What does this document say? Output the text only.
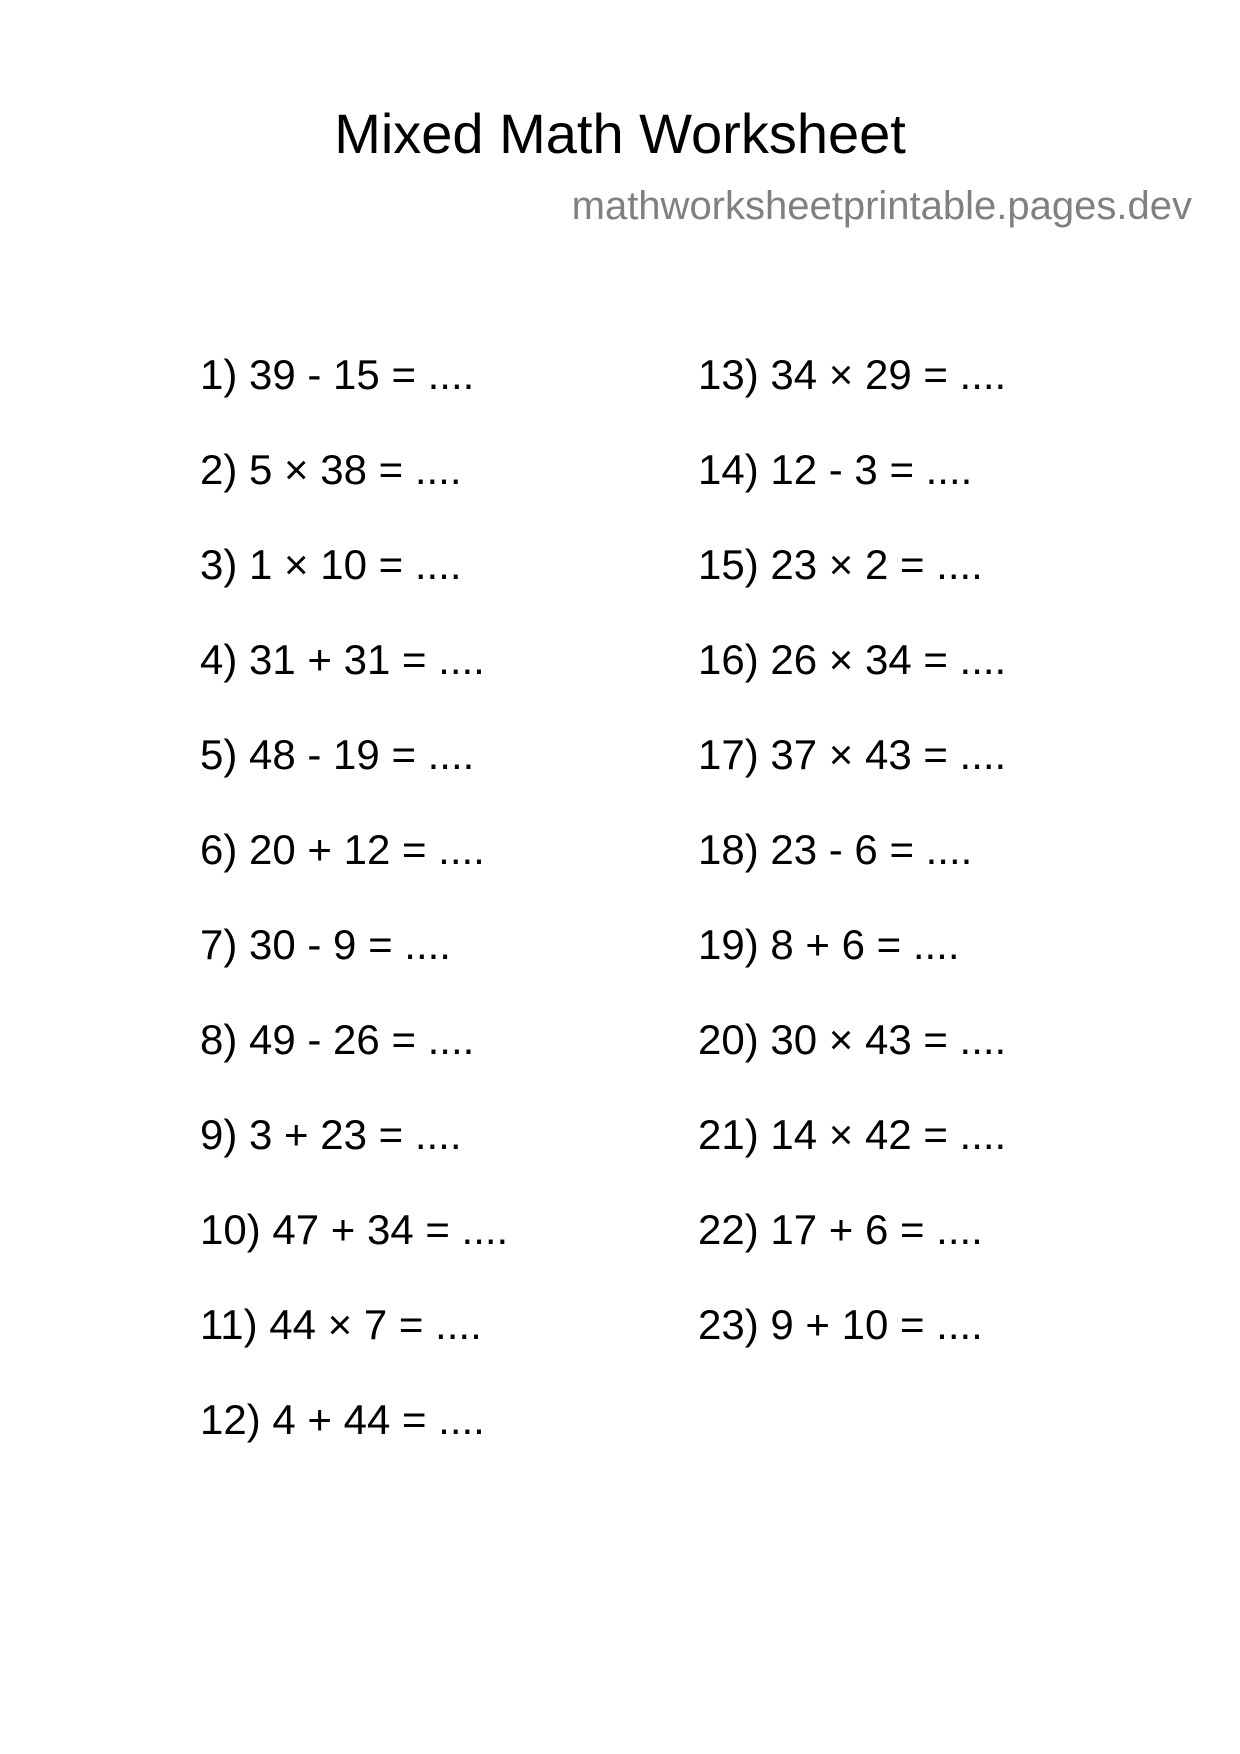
Mixed Math Worksheet

mathworksheetprintable.pages.dev

1) 39 - 15 = ....
2) 5 × 38 = ....
3) 1 × 10 = ....
4) 31 + 31 = ....
5) 48 - 19 = ....
6) 20 + 12 = ....
7) 30 - 9 = ....
8) 49 - 26 = ....
9) 3 + 23 = ....
10) 47 + 34 = ....
11) 44 × 7 = ....
12) 4 + 44 = ....
13) 34 × 29 = ....
14) 12 - 3 = ....
15) 23 × 2 = ....
16) 26 × 34 = ....
17) 37 × 43 = ....
18) 23 - 6 = ....
19) 8 + 6 = ....
20) 30 × 43 = ....
21) 14 × 42 = ....
22) 17 + 6 = ....
23) 9 + 10 = ....
